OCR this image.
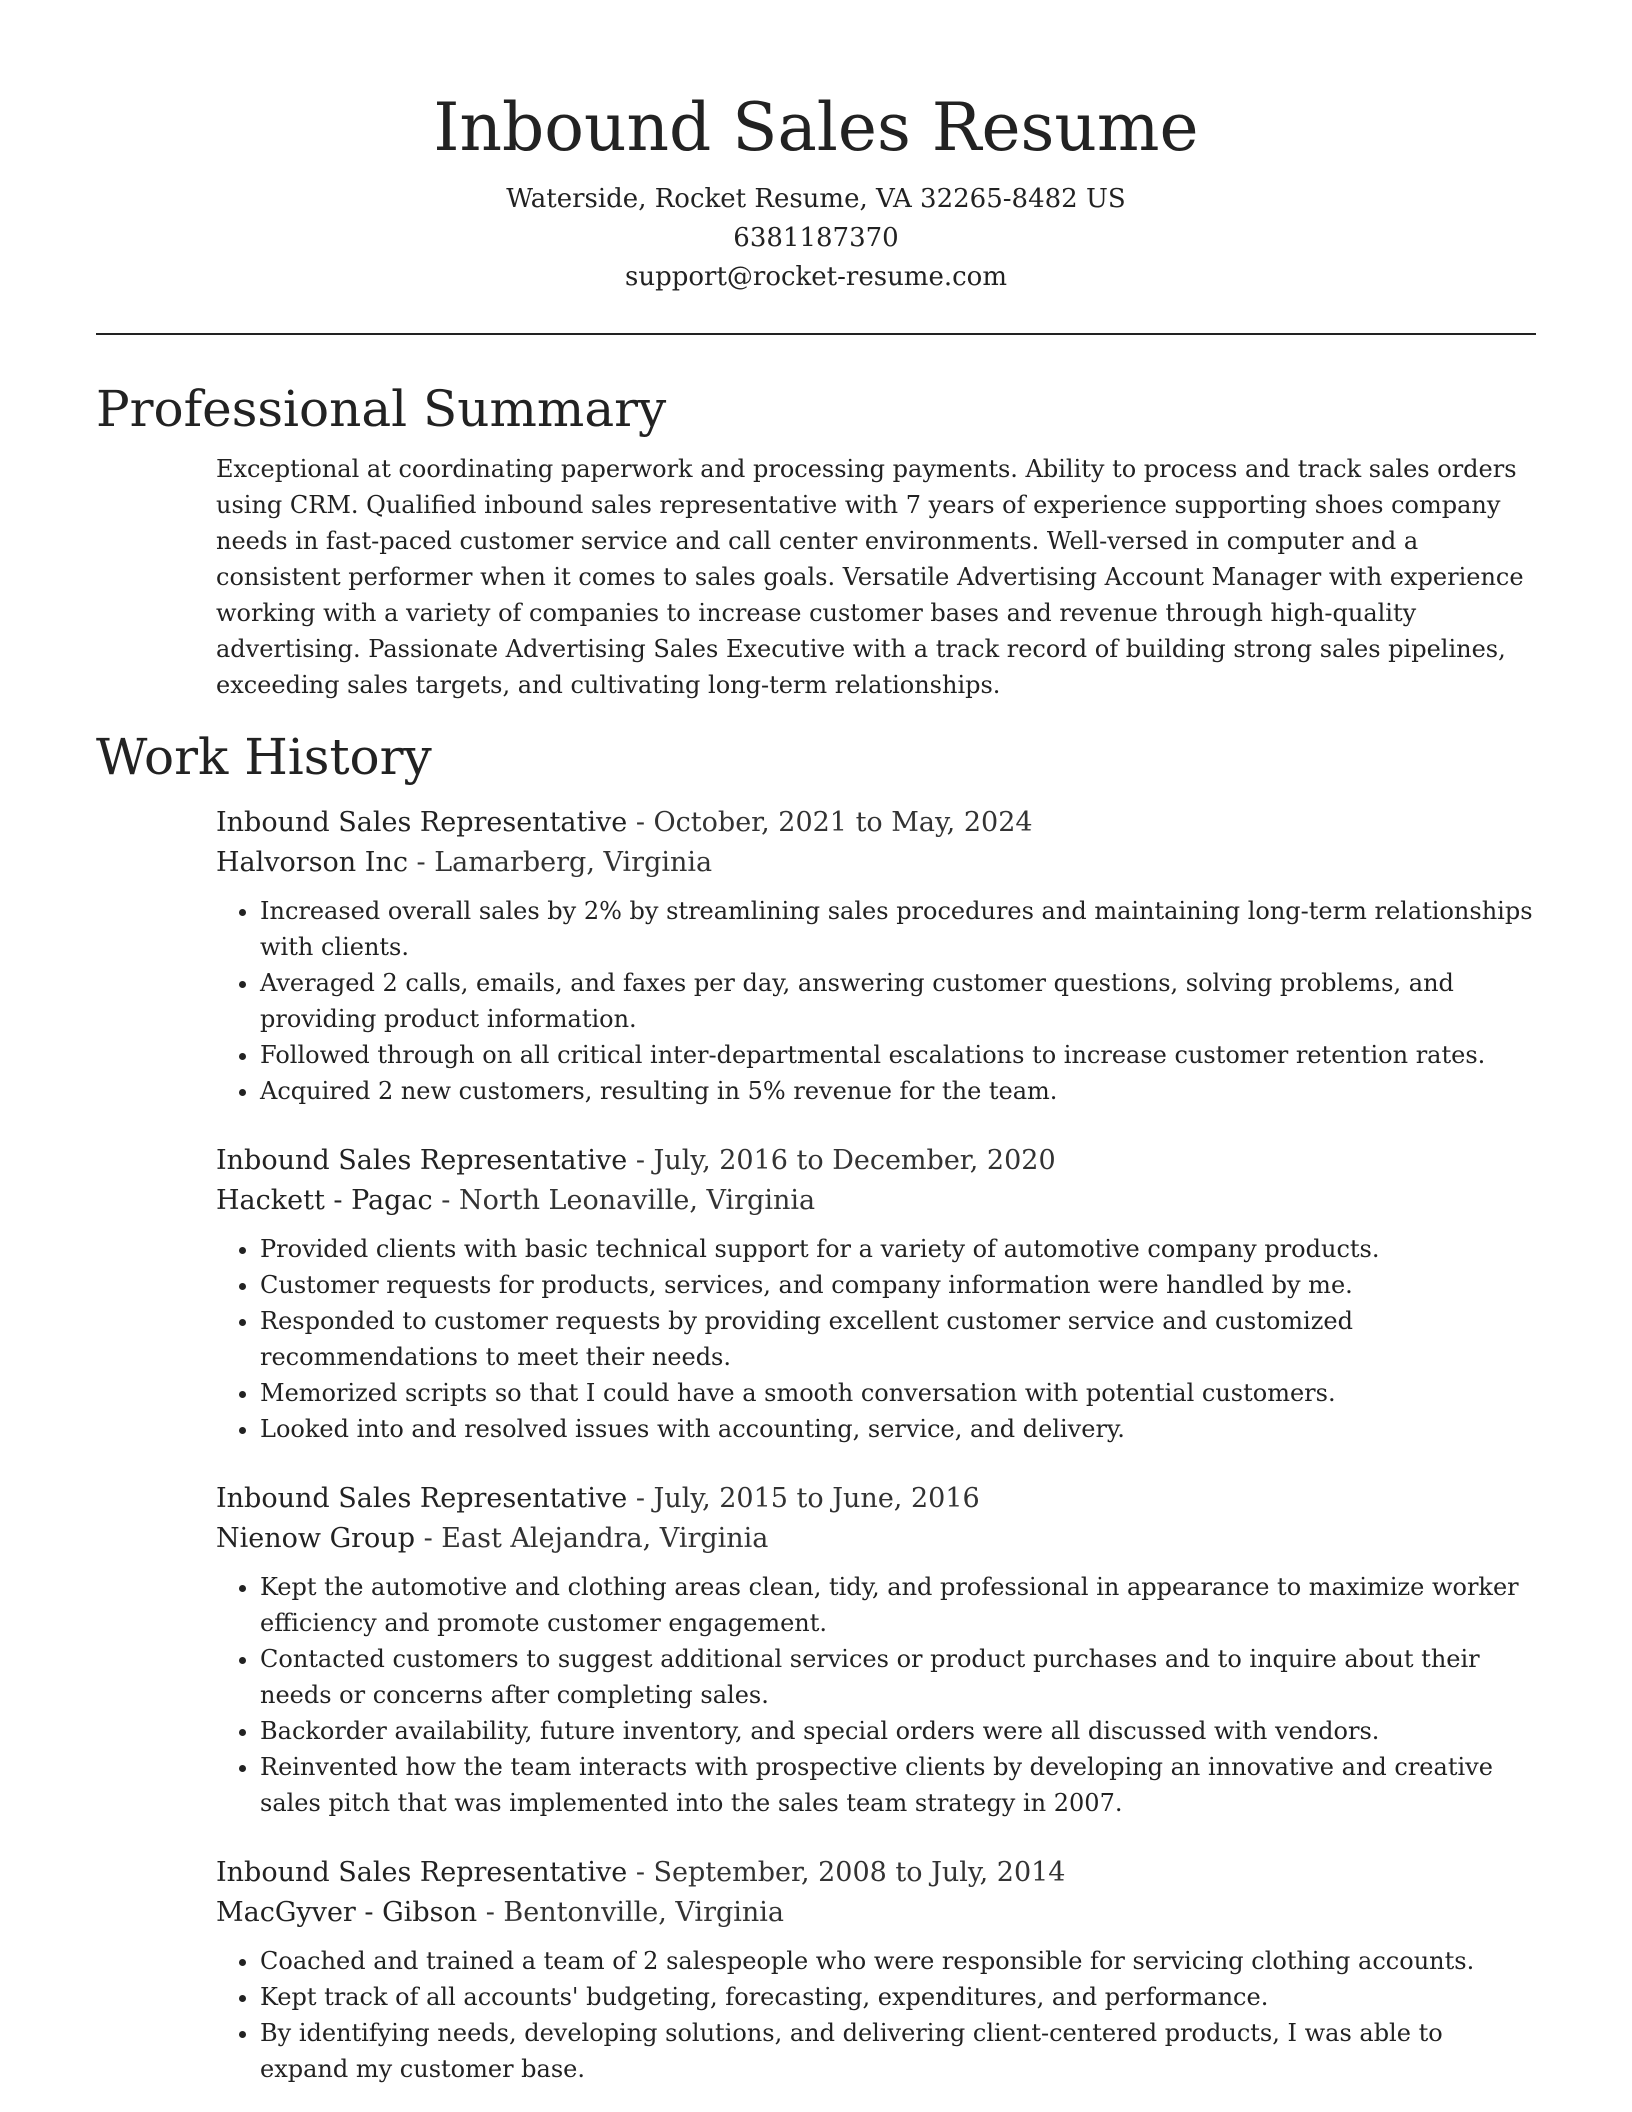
Inbound Sales Resume

Waterside, Rocket Resume, VA 32265-8482 US

6381187370

support@rocket-resume.com

Professional Summary

Exceptional at coordinating paperwork and processing payments. Ability to process and track sales orders using CRM. Qualified inbound sales representative with 7 years of experience supporting shoes company needs in fast-paced customer service and call center environments. Well-versed in computer and a consistent performer when it comes to sales goals. Versatile Advertising Account Manager with experience working with a variety of companies to increase customer bases and revenue through high-quality advertising. Passionate Advertising Sales Executive with a track record of building strong sales pipelines, exceeding sales targets, and cultivating long-term relationships.

Work History
Inbound Sales Representative - October, 2021 to May, 2024
Halvorson Inc - Lamarberg, Virginia
• Increased overall sales by 2% by streamlining sales procedures and maintaining long-term relationships with clients.
• Averaged 2 calls, emails, and faxes per day, answering customer questions, solving problems, and providing product information.
• Followed through on all critical inter-departmental escalations to increase customer retention rates.
• Acquired 2 new customers, resulting in 5% revenue for the team.
Inbound Sales Representative - July, 2016 to December, 2020
Hackett - Pagac - North Leonaville, Virginia
• Provided clients with basic technical support for a variety of automotive company products.
• Customer requests for products, services, and company information were handled by me.
• Responded to customer requests by providing excellent customer service and customized recommendations to meet their needs.
• Memorized scripts so that I could have a smooth conversation with potential customers.
• Looked into and resolved issues with accounting, service, and delivery.
Inbound Sales Representative - July, 2015 to June, 2016
Nienow Group - East Alejandra, Virginia
• Kept the automotive and clothing areas clean, tidy, and professional in appearance to maximize worker efficiency and promote customer engagement.
• Contacted customers to suggest additional services or product purchases and to inquire about their needs or concerns after completing sales.
• Backorder availability, future inventory, and special orders were all discussed with vendors.
• Reinvented how the team interacts with prospective clients by developing an innovative and creative sales pitch that was implemented into the sales team strategy in 2007.
Inbound Sales Representative - September, 2008 to July, 2014
MacGyver - Gibson - Bentonville, Virginia
• Coached and trained a team of 2 salespeople who were responsible for servicing clothing accounts.
• Kept track of all accounts' budgeting, forecasting, expenditures, and performance.
• By identifying needs, developing solutions, and delivering client-centered products, I was able to expand my customer base.
